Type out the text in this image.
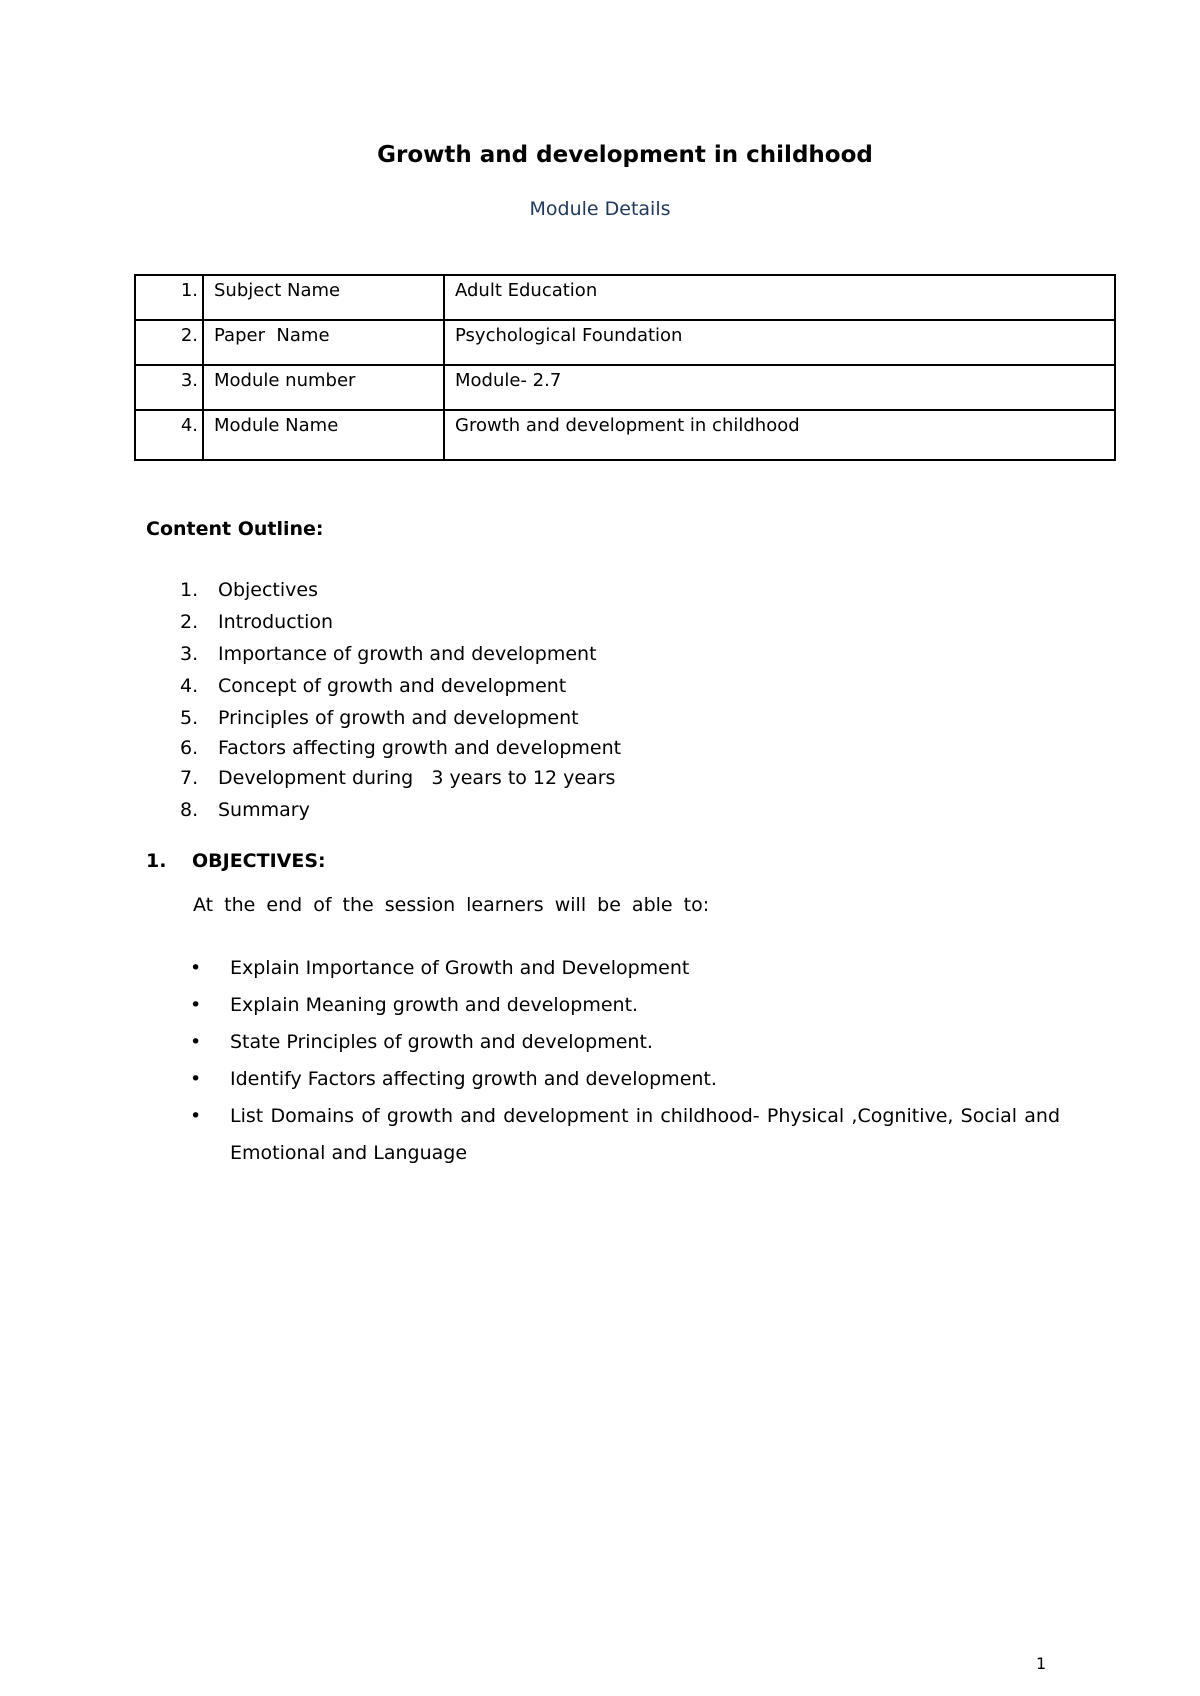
Growth and development in childhood
Module Details
1.	Subject Name	Adult Education
2.	Paper  Name	Psychological Foundation
3.	Module number	Module- 2.7
4.	Module Name	Growth and development in childhood
Content Outline:
1. Objectives
2. Introduction
3. Importance of growth and development
4. Concept of growth and development
5. Principles of growth and development
6. Factors affecting growth and development
7. Development during   3 years to 12 years
8. Summary
1. OBJECTIVES:
At the end of the session learners will be able to:
• Explain Importance of Growth and Development
• Explain Meaning growth and development.
• State Principles of growth and development.
• Identify Factors affecting growth and development.
• List Domains of growth and development in childhood- Physical ,Cognitive, Social and Emotional and Language
1
